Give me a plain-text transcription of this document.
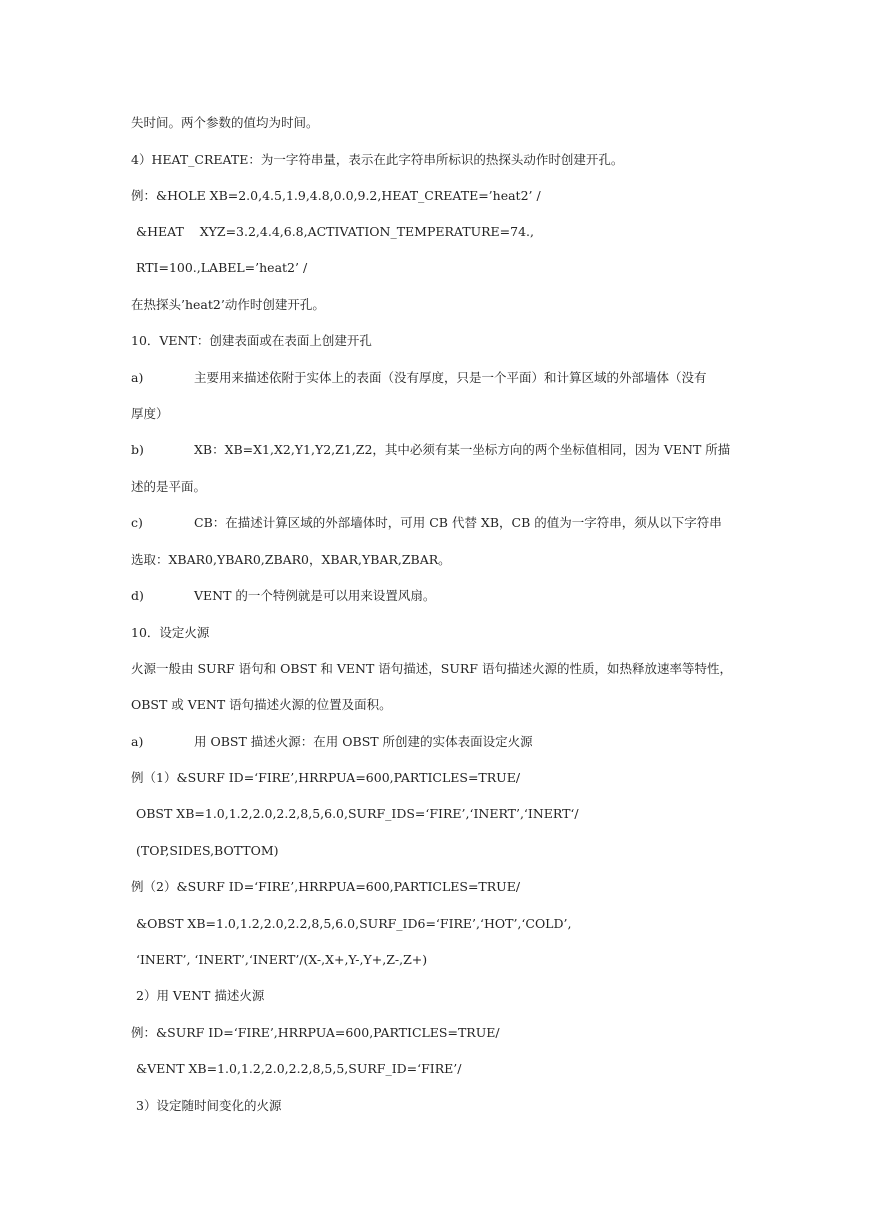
失时间。两个参数的值均为时间。
4）HEAT_CREATE：为一字符串量，表示在此字符串所标识的热探头动作时创建开孔。
例：&HOLE XB=2.0,4.5,1.9,4.8,0.0,9.2,HEAT_CREATE=’heat2’ /
&HEAT    XYZ=3.2,4.4,6.8,ACTIVATION_TEMPERATURE=74.,
RTI=100.,LABEL=’heat2’ /
在热探头’heat2’动作时创建开孔。
10．VENT：创建表面或在表面上创建开孔
a)	主要用来描述依附于实体上的表面（没有厚度，只是一个平面）和计算区域的外部墙体（没有
厚度）
b)	XB：XB=X1,X2,Y1,Y2,Z1,Z2，其中必须有某一坐标方向的两个坐标值相同，因为 VENT 所描
述的是平面。
c)	CB：在描述计算区域的外部墙体时，可用 CB 代替 XB，CB 的值为一字符串，须从以下字符串
选取：XBAR0,YBAR0,ZBAR0，XBAR,YBAR,ZBAR。
d)	VENT 的一个特例就是可以用来设置风扇。
10．设定火源
火源一般由 SURF 语句和 OBST 和 VENT 语句描述，SURF 语句描述火源的性质，如热释放速率等特性，
OBST 或 VENT 语句描述火源的位置及面积。
a)	用 OBST 描述火源：在用 OBST 所创建的实体表面设定火源
例（1）&SURF ID=‘FIRE’,HRRPUA=600,PARTICLES=TRUE/
OBST XB=1.0,1.2,2.0,2.2,8,5,6.0,SURF_IDS=‘FIRE’,‘INERT’,‘INERT‘/
(TOP,SIDES,BOTTOM)
例（2）&SURF ID=‘FIRE’,HRRPUA=600,PARTICLES=TRUE/
&OBST XB=1.0,1.2,2.0,2.2,8,5,6.0,SURF_ID6=‘FIRE’,‘HOT’,‘COLD’,
‘INERT’, ‘INERT’,‘INERT’/(X-,X+,Y-,Y+,Z-,Z+)
2）用 VENT 描述火源
例：&SURF ID=‘FIRE’,HRRPUA=600,PARTICLES=TRUE/
&VENT XB=1.0,1.2,2.0,2.2,8,5,5,SURF_ID=‘FIRE’/
3）设定随时间变化的火源
